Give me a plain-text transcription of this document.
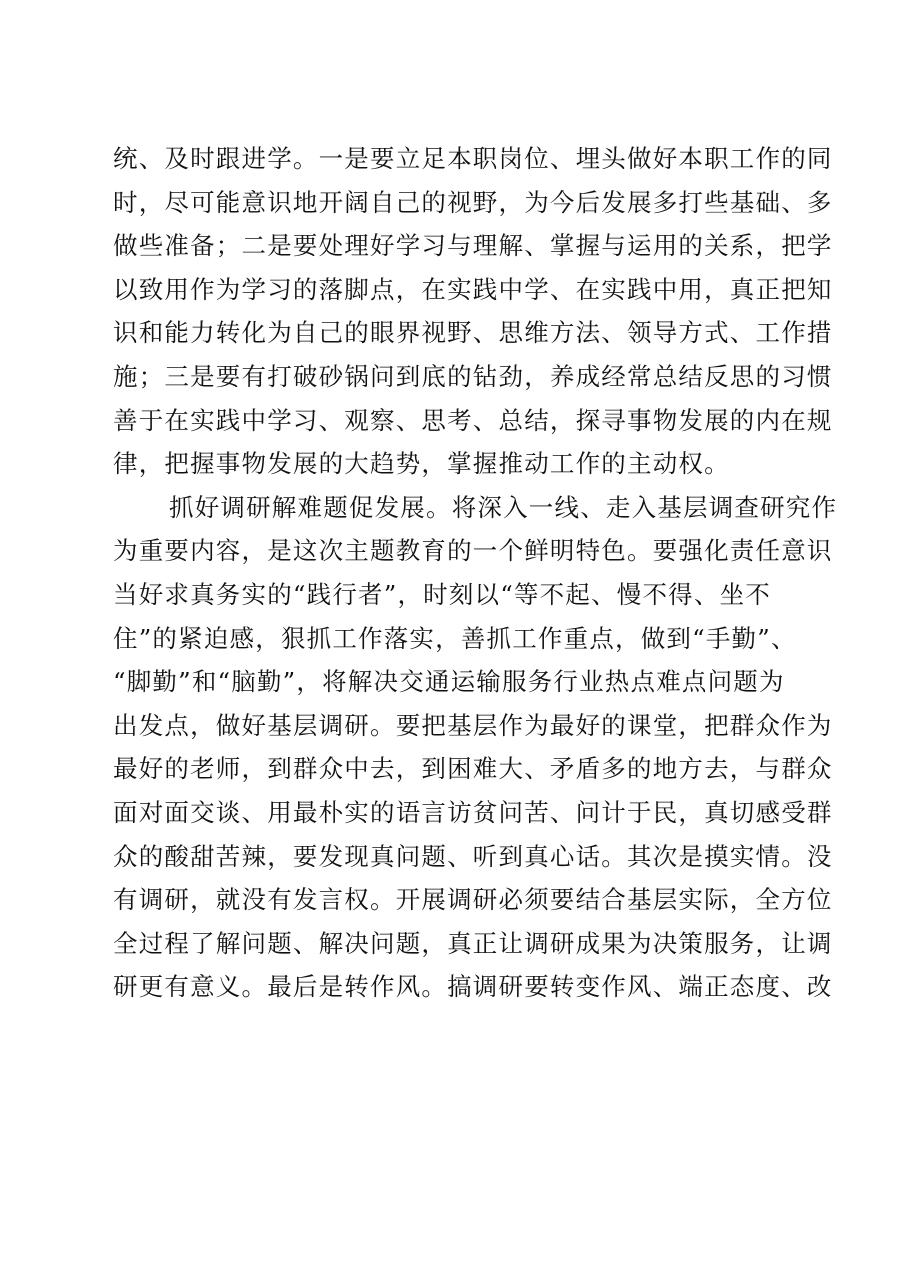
统、及时跟进学。一是要立足本职岗位、埋头做好本职工作的同
时，尽可能意识地开阔自己的视野，为今后发展多打些基础、多
做些准备；二是要处理好学习与理解、掌握与运用的关系，把学
以致用作为学习的落脚点，在实践中学、在实践中用，真正把知
识和能力转化为自己的眼界视野、思维方法、领导方式、工作措
施；三是要有打破砂锅问到底的钻劲，养成经常总结反思的习惯
善于在实践中学习、观察、思考、总结，探寻事物发展的内在规
律，把握事物发展的大趋势，掌握推动工作的主动权。
抓好调研解难题促发展。将深入一线、走入基层调查研究作
为重要内容，是这次主题教育的一个鲜明特色。要强化责任意识
当好求真务实的“践行者”，时刻以“等不起、慢不得、坐不
住”的紧迫感，狠抓工作落实，善抓工作重点，做到“手勤”、
“脚勤”和“脑勤”，将解决交通运输服务行业热点难点问题为
出发点，做好基层调研。要把基层作为最好的课堂，把群众作为
最好的老师，到群众中去，到困难大、矛盾多的地方去，与群众
面对面交谈、用最朴实的语言访贫问苦、问计于民，真切感受群
众的酸甜苦辣，要发现真问题、听到真心话。其次是摸实情。没
有调研，就没有发言权。开展调研必须要结合基层实际，全方位
全过程了解问题、解决问题，真正让调研成果为决策服务，让调
研更有意义。最后是转作风。搞调研要转变作风、端正态度、改
